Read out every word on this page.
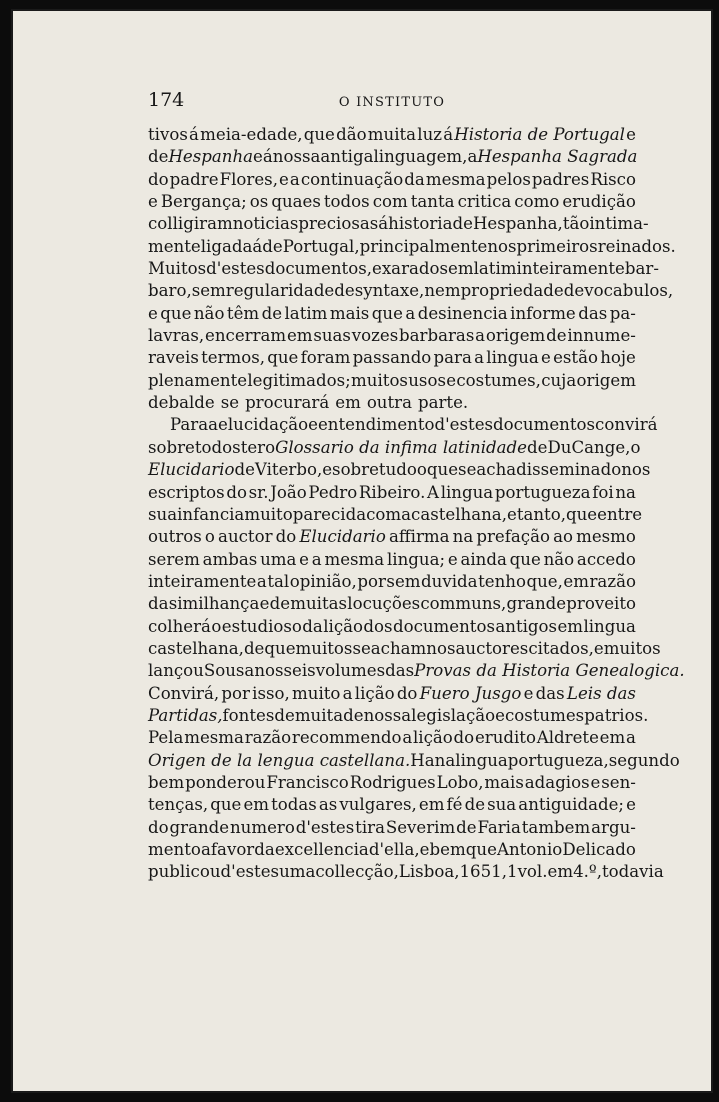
174	O INSTITUTO
tivos á meia-edade, que dão muita luz á Historia de Portugal e
de Hespanha e á nossa antiga linguagem, a Hespanha Sagrada
do padre Flores, e a continuação da mesma pelos padres Risco
e Bergança; os quaes todos com tanta critica como erudição
colligiram noticias preciosas á historia de Hespanha, tão intima-
mente ligada á de Portugal, principalmente nos primeiros reinados.
Muitos d'estes documentos, exarados em latim inteiramente bar-
baro, sem regularidade de syntaxe, nem propriedade de vocabulos,
e que não têm de latim mais que a desinencia informe das pa-
lavras, encerram em suas vozes barbaras a origem de innume-
raveis termos, que foram passando para a lingua e estão hoje
plenamente legitimados; muitos usos e costumes, cuja origem
debalde se procurará em outra parte.
Para a elucidação e entendimento d'estes documentos convirá
sobre todos ter o Glossario da infima latinidade de Du Cange, o
Elucidario de Viterbo, e sobretudo o que se acha disseminado nos
escriptos do sr. João Pedro Ribeiro. A lingua portugueza foi na
sua infancia muito parecida com a castelhana, e tanto, que entre
outros o auctor do Elucidario affirma na prefação ao mesmo
serem ambas uma e a mesma lingua; e ainda que não accedo
inteiramente a tal opinião, por sem duvida tenho que, em razão
da similhança e de muitas locuções communs, grande proveito
colherá o estudioso da lição dos documentos antigos em lingua
castelhana, de que muitos se acham nos auctores citados, e muitos
lançou Sousa nos seis volumes das Provas da Historia Genealogica.
Convirá, por isso, muito a lição do Fuero Jusgo e das Leis das
Partidas, fontes de muita de nossa legislação e costumes patrios.
Pela mesma razão recommendo a lição do erudito Aldrete em a
Origen de la lengua castellana. Ha na lingua portugueza, segundo
bem ponderou Francisco Rodrigues Lobo, mais adagios e sen-
tenças, que em todas as vulgares, em fé de sua antiguidade; e
do grande numero d'estes tira Severim de Faria tambem argu-
mento a favor da excellencia d'ella, e bem que Antonio Delicado
publicou d'estes uma collecção, Lisboa, 1651, 1 vol. em 4.º, todavia
